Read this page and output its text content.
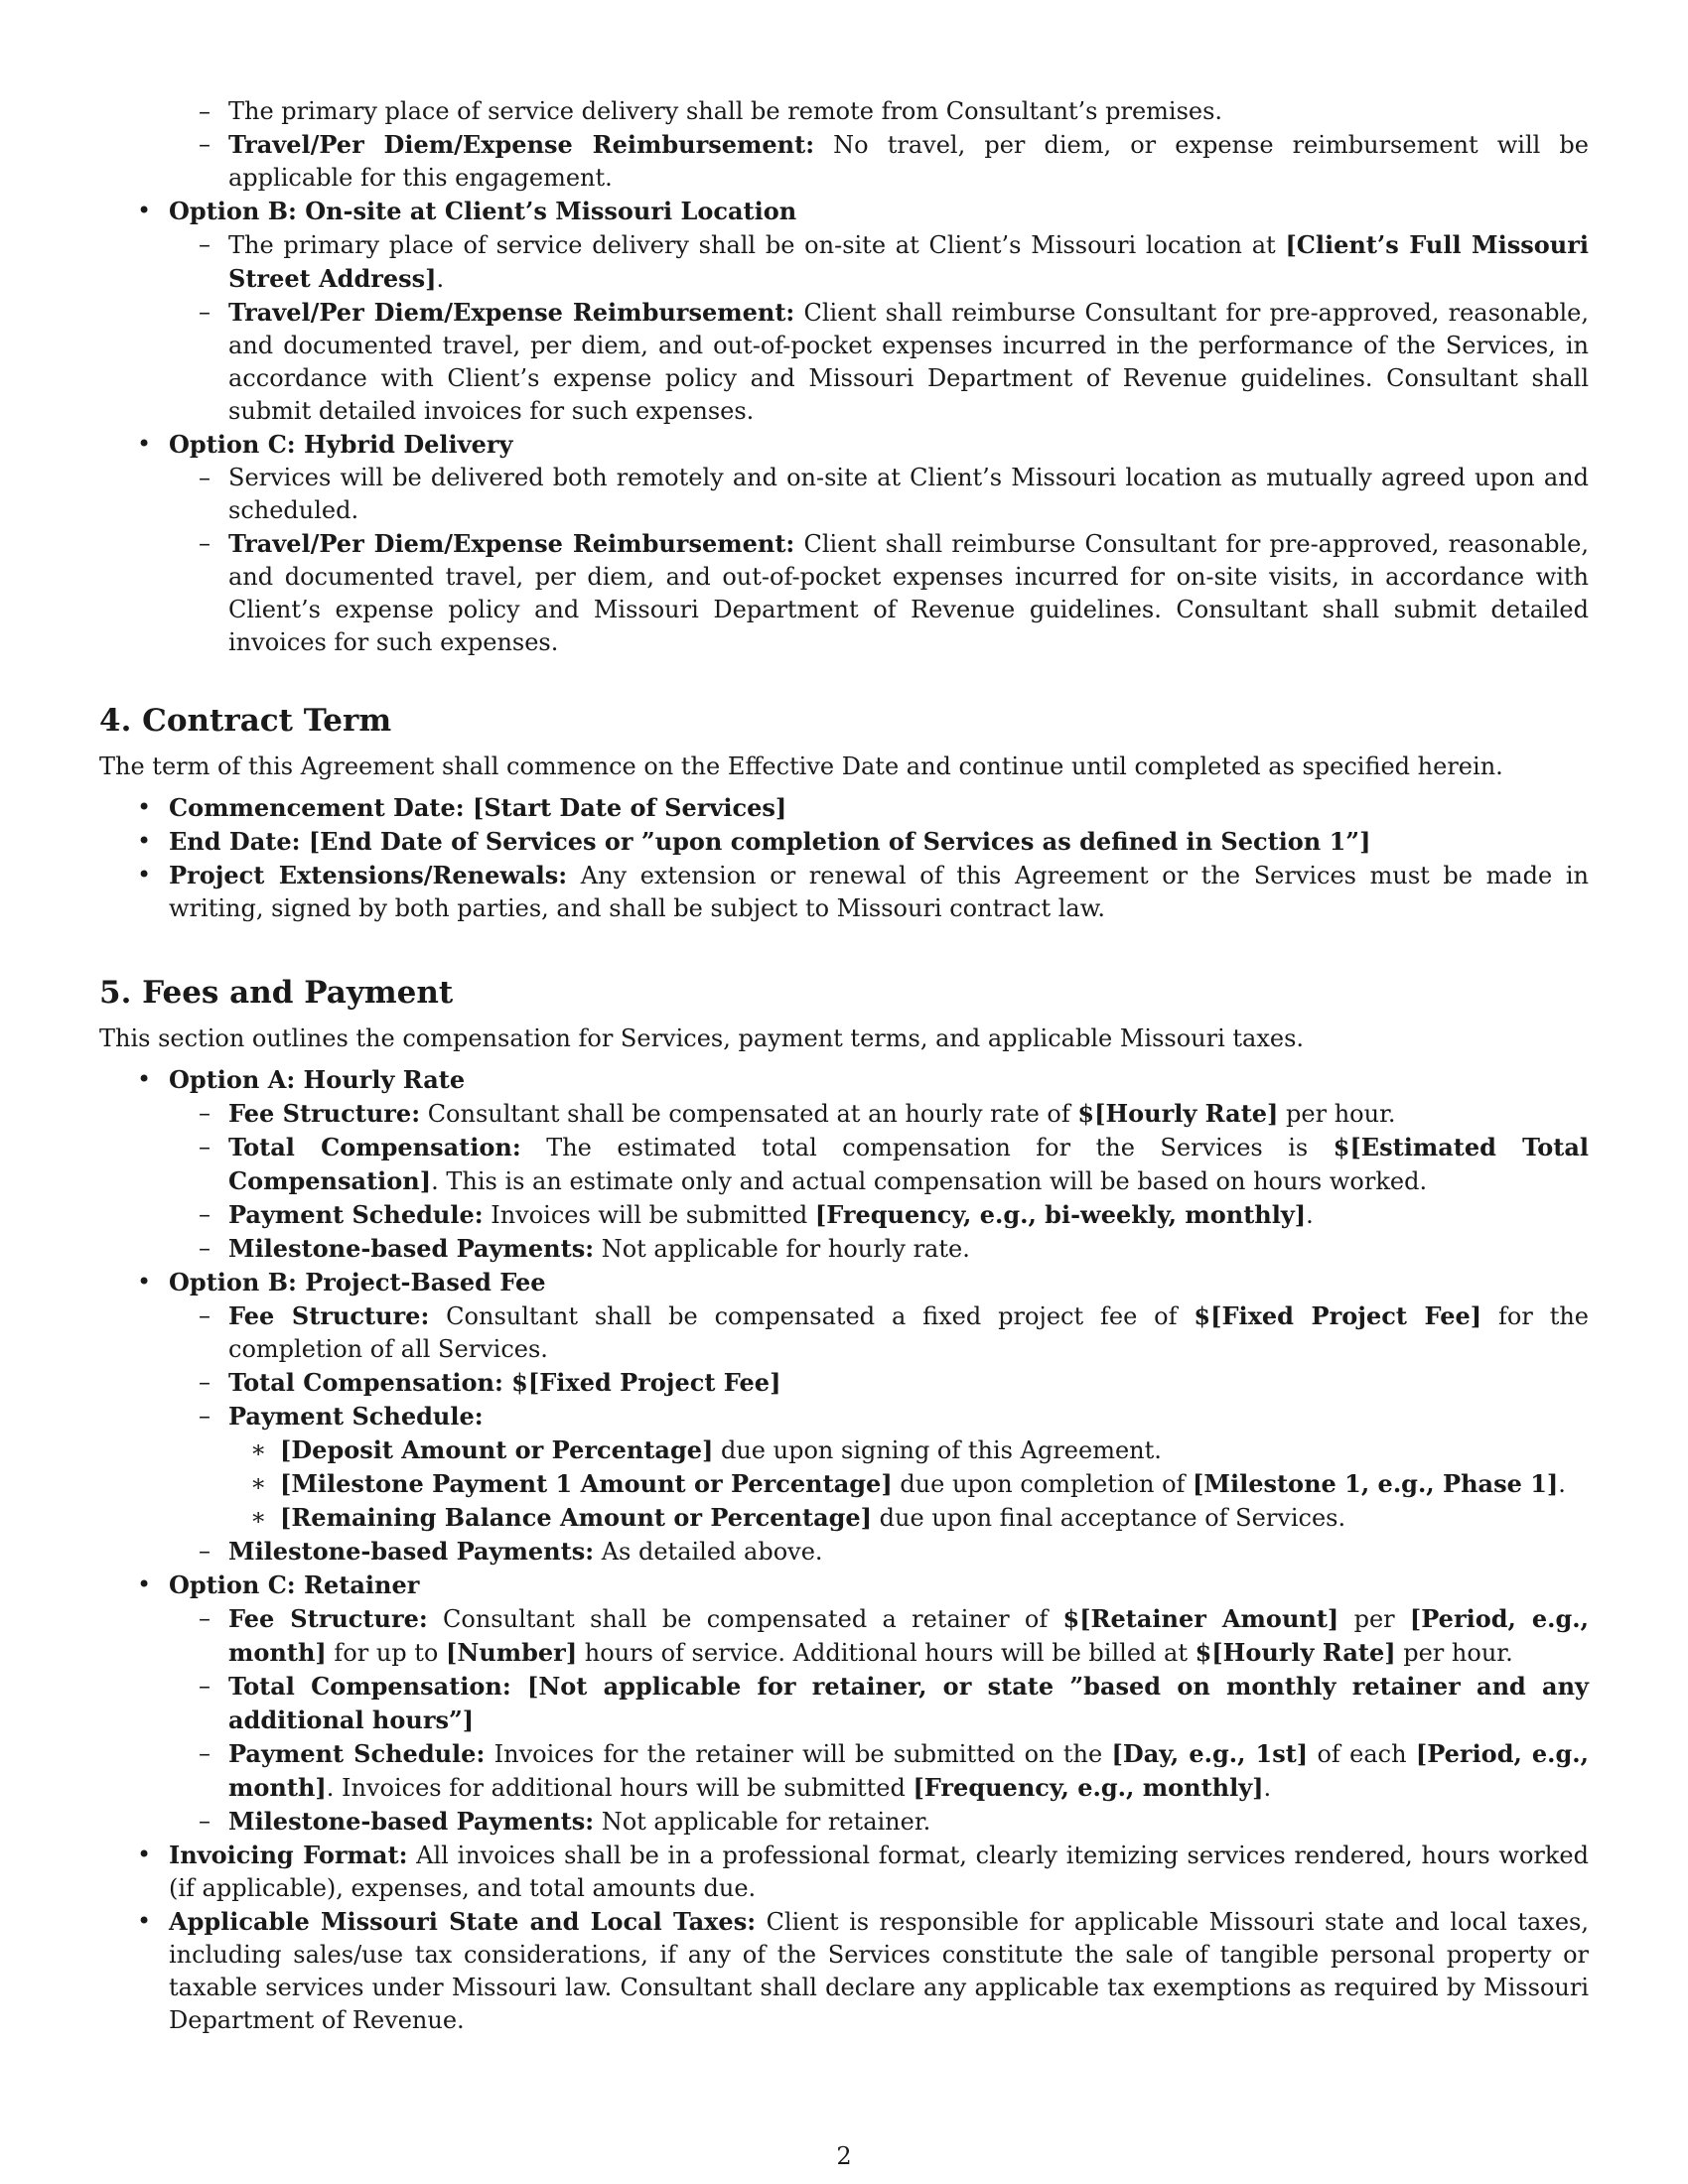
– The primary place of service delivery shall be remote from Consultant’s premises.
– Travel/Per Diem/Expense Reimbursement: No travel, per diem, or expense reimbursement will be applicable for this engagement.
• Option B: On-site at Client’s Missouri Location
– The primary place of service delivery shall be on-site at Client’s Missouri location at [Client’s Full Missouri Street Address].
– Travel/Per Diem/Expense Reimbursement: Client shall reimburse Consultant for pre-approved, reasonable, and documented travel, per diem, and out-of-pocket expenses incurred in the performance of the Services, in accordance with Client’s expense policy and Missouri Department of Revenue guidelines. Consultant shall submit detailed invoices for such expenses.
• Option C: Hybrid Delivery
– Services will be delivered both remotely and on-site at Client’s Missouri location as mutually agreed upon and scheduled.
– Travel/Per Diem/Expense Reimbursement: Client shall reimburse Consultant for pre-approved, reasonable, and documented travel, per diem, and out-of-pocket expenses incurred for on-site visits, in accordance with Client’s expense policy and Missouri Department of Revenue guidelines. Consultant shall submit detailed invoices for such expenses.
4. Contract Term
The term of this Agreement shall commence on the Effective Date and continue until completed as specified herein.
• Commencement Date: [Start Date of Services]
• End Date: [End Date of Services or ”upon completion of Services as defined in Section 1”]
• Project Extensions/Renewals: Any extension or renewal of this Agreement or the Services must be made in writing, signed by both parties, and shall be subject to Missouri contract law.
5. Fees and Payment
This section outlines the compensation for Services, payment terms, and applicable Missouri taxes.
• Option A: Hourly Rate
– Fee Structure: Consultant shall be compensated at an hourly rate of $[Hourly Rate] per hour.
– Total Compensation: The estimated total compensation for the Services is $[Estimated Total Compensation]. This is an estimate only and actual compensation will be based on hours worked.
– Payment Schedule: Invoices will be submitted [Frequency, e.g., bi-weekly, monthly].
– Milestone-based Payments: Not applicable for hourly rate.
• Option B: Project-Based Fee
– Fee Structure: Consultant shall be compensated a fixed project fee of $[Fixed Project Fee] for the completion of all Services.
– Total Compensation: $[Fixed Project Fee]
– Payment Schedule:
∗ [Deposit Amount or Percentage] due upon signing of this Agreement.
∗ [Milestone Payment 1 Amount or Percentage] due upon completion of [Milestone 1, e.g., Phase 1].
∗ [Remaining Balance Amount or Percentage] due upon final acceptance of Services.
– Milestone-based Payments: As detailed above.
• Option C: Retainer
– Fee Structure: Consultant shall be compensated a retainer of $[Retainer Amount] per [Period, e.g., month] for up to [Number] hours of service. Additional hours will be billed at $[Hourly Rate] per hour.
– Total Compensation: [Not applicable for retainer, or state ”based on monthly retainer and any additional hours”]
– Payment Schedule: Invoices for the retainer will be submitted on the [Day, e.g., 1st] of each [Period, e.g., month]. Invoices for additional hours will be submitted [Frequency, e.g., monthly].
– Milestone-based Payments: Not applicable for retainer.
• Invoicing Format: All invoices shall be in a professional format, clearly itemizing services rendered, hours worked (if applicable), expenses, and total amounts due.
• Applicable Missouri State and Local Taxes: Client is responsible for applicable Missouri state and local taxes, including sales/use tax considerations, if any of the Services constitute the sale of tangible personal property or taxable services under Missouri law. Consultant shall declare any applicable tax exemptions as required by Missouri Department of Revenue.
2
